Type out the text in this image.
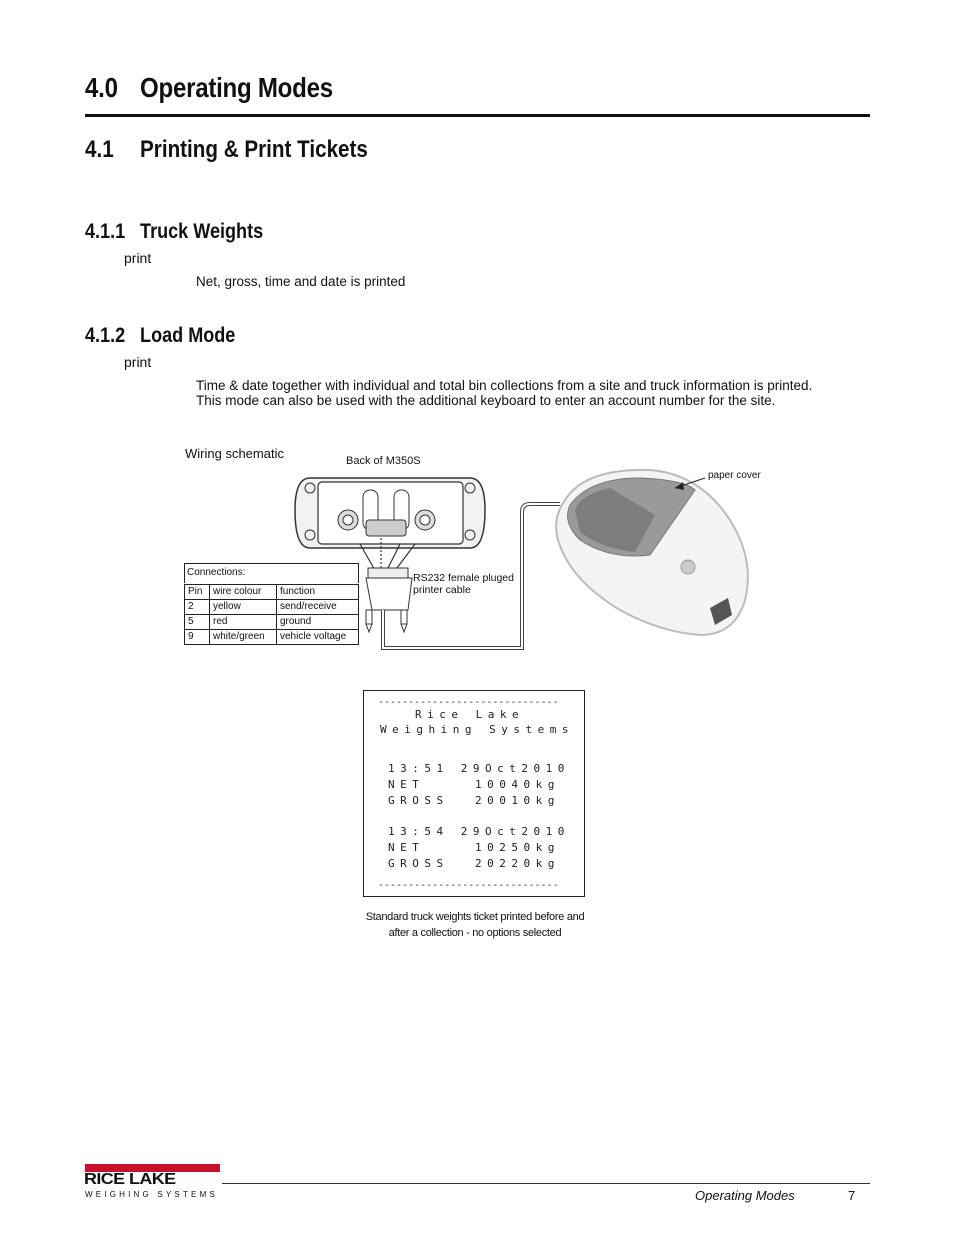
4.0 Operating Modes
4.1 Printing & Print Tickets
4.1.1 Truck Weights
print
Net, gross, time and date is printed
4.1.2 Load Mode
print
Time & date together with individual and total bin collections from a site and truck information is printed.
This mode can also be used with the additional keyboard to enter an account number for the site.
Wiring schematic	Back of M350S
paper cover
RS232 female pluged
printer cable
Connections:
Pin	wire colour	function
2	yellow	send/receive
5	red	ground
9	white/green	vehicle voltage
------------------------------
Rice Lake
Weighing Systems
13:51 29Oct2010
NET	10040kg
GROSS 20010kg
13:54 29Oct2010
NET	10250kg
GROSS 20220kg
------------------------------
Standard truck weights ticket printed before and
after a collection - no options selected
RICE LAKE
WEIGHING SYSTEMS	Operating Modes	7
